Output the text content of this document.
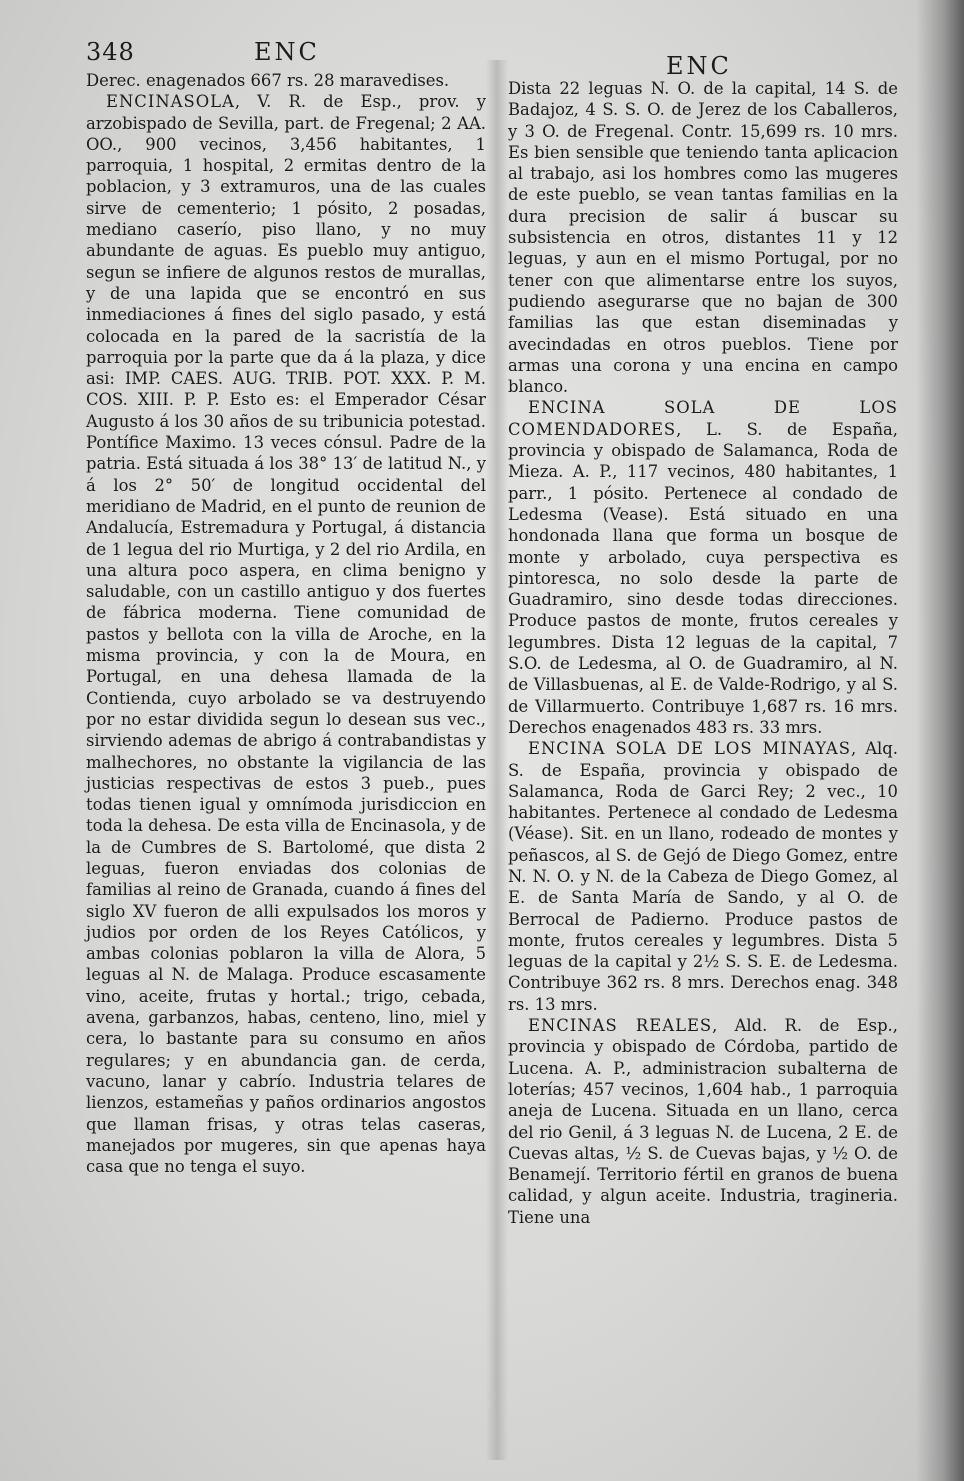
348	ENC	ENC

Derec. enagenados 667 rs. 28 maravedises.

ENCINASOLA, V. R. de Esp., prov. y arzobispado de Sevilla, part. de Fregenal; 2 AA. OO., 900 vecinos, 3,456 habitantes, 1 parroquia, 1 hospital, 2 ermitas dentro de la poblacion, y 3 extramuros, una de las cuales sirve de cementerio; 1 pósito, 2 posadas, mediano caserío, piso llano, y no muy abundante de aguas. Es pueblo muy antiguo, segun se infiere de algunos restos de murallas, y de una lapida que se encontró en sus inmediaciones á fines del siglo pasado, y está colocada en la pared de la sacristía de la parroquia por la parte que da á la plaza, y dice asi: IMP. CAES. AUG. TRIB. POT. XXX. P. M. COS. XIII. P. P. Esto es: el Emperador César Augusto á los 30 años de su tribunicia potestad. Pontífice Maximo. 13 veces cónsul. Padre de la patria. Está situada á los 38° 13′ de latitud N., y á los 2° 50′ de longitud occidental del meridiano de Madrid, en el punto de reunion de Andalucía, Estremadura y Portugal, á distancia de 1 legua del rio Murtiga, y 2 del rio Ardila, en una altura poco aspera, en clima benigno y saludable, con un castillo antiguo y dos fuertes de fábrica moderna. Tiene comunidad de pastos y bellota con la villa de Aroche, en la misma provincia, y con la de Moura, en Portugal, en una dehesa llamada de la Contienda, cuyo arbolado se va destruyendo por no estar dividida segun lo desean sus vec., sirviendo ademas de abrigo á contrabandistas y malhechores, no obstante la vigilancia de las justicias respectivas de estos 3 pueb., pues todas tienen igual y omnímoda jurisdiccion en toda la dehesa. De esta villa de Encinasola, y de la de Cumbres de S. Bartolomé, que dista 2 leguas, fueron enviadas dos colonias de familias al reino de Granada, cuando á fines del siglo XV fueron de alli expulsados los moros y judios por orden de los Reyes Católicos, y ambas colonias poblaron la villa de Alora, 5 leguas al N. de Malaga. Produce escasamente vino, aceite, frutas y hortal.; trigo, cebada, avena, garbanzos, habas, centeno, lino, miel y cera, lo bastante para su consumo en años regulares; y en abundancia gan. de cerda, vacuno, lanar y cabrío. Industria telares de lienzos, estameñas y paños ordinarios angostos que llaman frisas, y otras telas caseras, manejados por mugeres, sin que apenas haya casa que no tenga el suyo.

Dista 22 leguas N. O. de la capital, 14 S. de Badajoz, 4 S. S. O. de Jerez de los Caballeros, y 3 O. de Fregenal. Contr. 15,699 rs. 10 mrs. Es bien sensible que teniendo tanta aplicacion al trabajo, asi los hombres como las mugeres de este pueblo, se vean tantas familias en la dura precision de salir á buscar su subsistencia en otros, distantes 11 y 12 leguas, y aun en el mismo Portugal, por no tener con que alimentarse entre los suyos, pudiendo asegurarse que no bajan de 300 familias las que estan diseminadas y avecindadas en otros pueblos. Tiene por armas una corona y una encina en campo blanco.

ENCINA SOLA DE LOS COMENDADORES, L. S. de España, provincia y obispado de Salamanca, Roda de Mieza. A. P., 117 vecinos, 480 habitantes, 1 parr., 1 pósito. Pertenece al condado de Ledesma (Vease). Está situado en una hondonada llana que forma un bosque de monte y arbolado, cuya perspectiva es pintoresca, no solo desde la parte de Guadramiro, sino desde todas direcciones. Produce pastos de monte, frutos cereales y legumbres. Dista 12 leguas de la capital, 7 S.O. de Ledesma, al O. de Guadramiro, al N. de Villasbuenas, al E. de Valde-Rodrigo, y al S. de Villarmuerto. Contribuye 1,687 rs. 16 mrs. Derechos enagenados 483 rs. 33 mrs.

ENCINA SOLA DE LOS MINAYAS, Alq. S. de España, provincia y obispado de Salamanca, Roda de Garci Rey; 2 vec., 10 habitantes. Pertenece al condado de Ledesma (Véase). Sit. en un llano, rodeado de montes y peñascos, al S. de Gejó de Diego Gomez, entre N. N. O. y N. de la Cabeza de Diego Gomez, al E. de Santa María de Sando, y al O. de Berrocal de Padierno. Produce pastos de monte, frutos cereales y legumbres. Dista 5 leguas de la capital y 2½ S. S. E. de Ledesma. Contribuye 362 rs. 8 mrs. Derechos enag. 348 rs. 13 mrs.

ENCINAS REALES, Ald. R. de Esp., provincia y obispado de Córdoba, partido de Lucena. A. P., administracion subalterna de loterías; 457 vecinos, 1,604 hab., 1 parroquia aneja de Lucena. Situada en un llano, cerca del rio Genil, á 3 leguas N. de Lucena, 2 E. de Cuevas altas, ½ S. de Cuevas bajas, y ½ O. de Benamejí. Territorio fértil en granos de buena calidad, y algun aceite. Industria, tragineria. Tiene una
